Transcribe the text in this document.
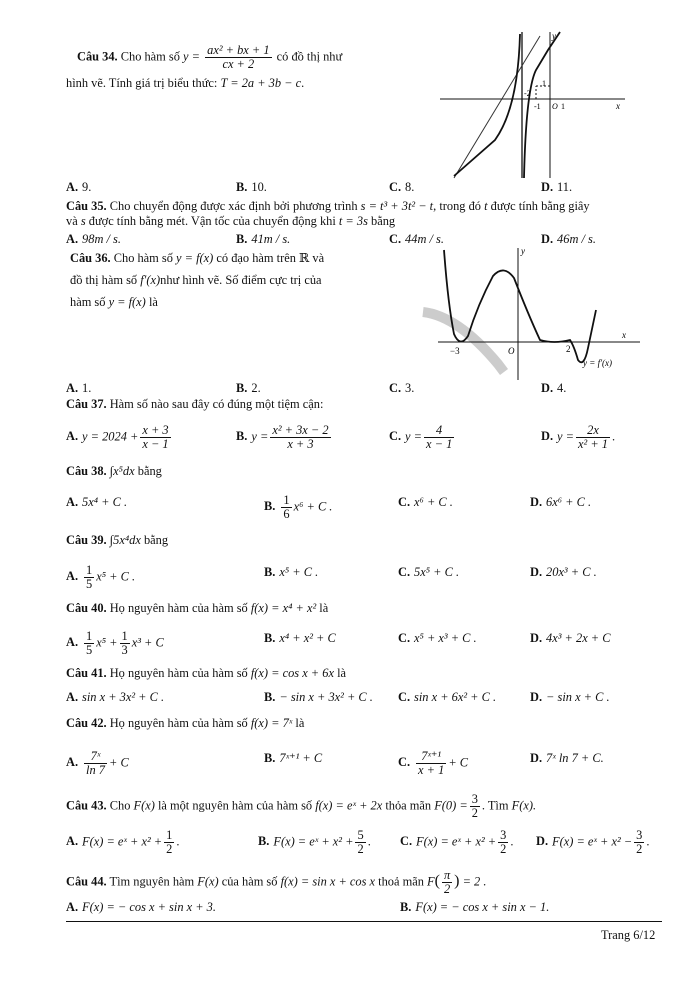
Câu 34. Cho hàm số $y = \frac{\text{ax² + bx + 1}}{cx + 2}$ có đồ thị như
hình vẽ. Tính giá trị biểu thức: T = 2a + 3b − c.
y
x
1
-2
-1 O 1
A. 9.	B. 10.	C. 8.	D. 11.
Câu 35. Cho chuyển động được xác định bởi phương trình s = t³ + 3t² − t, trong đó t được tính bằng giây
và s được tính bằng mét. Vận tốc của chuyển động khi t = 3s bằng
A. 98m / s.	B. 41m / s.	C. 44m / s.	D. 46m / s.
Câu 36. Cho hàm số y = f(x) có đạo hàm trên ℝ và
đồ thị hàm số f′(x)như hình vẽ. Số điểm cực trị của
hàm số y = f(x) là
y
x
−3	O	2
y = f′(x)
A. 1.	B. 2.	C. 3.	D. 4.
Câu 37. Hàm số nào sau đây có đúng một tiệm cận:
A. $y = 2024 + \frac{x + 3}{x - 1}$	B. $y = \frac{\text{x² + 3x − 2}}{x + 3}$	C. $y = \frac{4}{x - 1}$	D. $y = \frac{2x}{\text{x² + 1}}$ .
Câu 38. ∫x⁵dx bằng
A. 5x⁴ + C .	B. $\frac{1}{6} x^6 + C$ .	C. x⁶ + C .	D. 6x⁶ + C .
Câu 39. ∫5x⁴dx bằng
A. $\frac{1}{5} x^5 + C$ .	B. x⁵ + C .	C. 5x⁵ + C .	D. 20x³ + C .
Câu 40. Họ nguyên hàm của hàm số f(x) = x⁴ + x² là
A. $\frac{1}{5} x^5 + \frac{1}{3} x^3 + C$	B. x⁴ + x² + C	C. x⁵ + x³ + C .	D. 4x³ + 2x + C
Câu 41. Họ nguyên hàm của hàm số f(x) = cos x + 6x là
A. sin x + 3x² + C .	B. − sin x + 3x² + C . C. sin x + 6x² + C .	D. − sin x + C .
Câu 42. Họ nguyên hàm của hàm số f(x) = 7ˣ là
A. $\frac{\text{7ˣ}}{\ln 7} + C$	B. 7ˣ⁺¹ + C	C. $\frac{\text{7ˣ⁺¹}}{x + 1} + C$	D. 7ˣ ln 7 + C.
Câu 43. Cho F(x) là một nguyên hàm của hàm số f(x) = eˣ + 2x thỏa mãn $F(0) = \frac{3}{2}$ . Tìm F(x).
A. F(x) = eˣ + $x^2 + \frac{1}{2}$ .	B. F(x) = eˣ + $x^2 + \frac{5}{2}$ . C. F(x) = eˣ + $x^2 + \frac{3}{2}$ . D. F(x) = eˣ + $x^2 - \frac{3}{2}$ .
Câu 44. Tìm nguyên hàm F(x) của hàm số f(x) = sin x + cos x thoả mãn $F( \frac{\pi}{2}$ ) = 2 .
A. F(x) = − cos x + sin x + 3.	B. F(x) = − cos x + sin x − 1.
Trang 6/12
